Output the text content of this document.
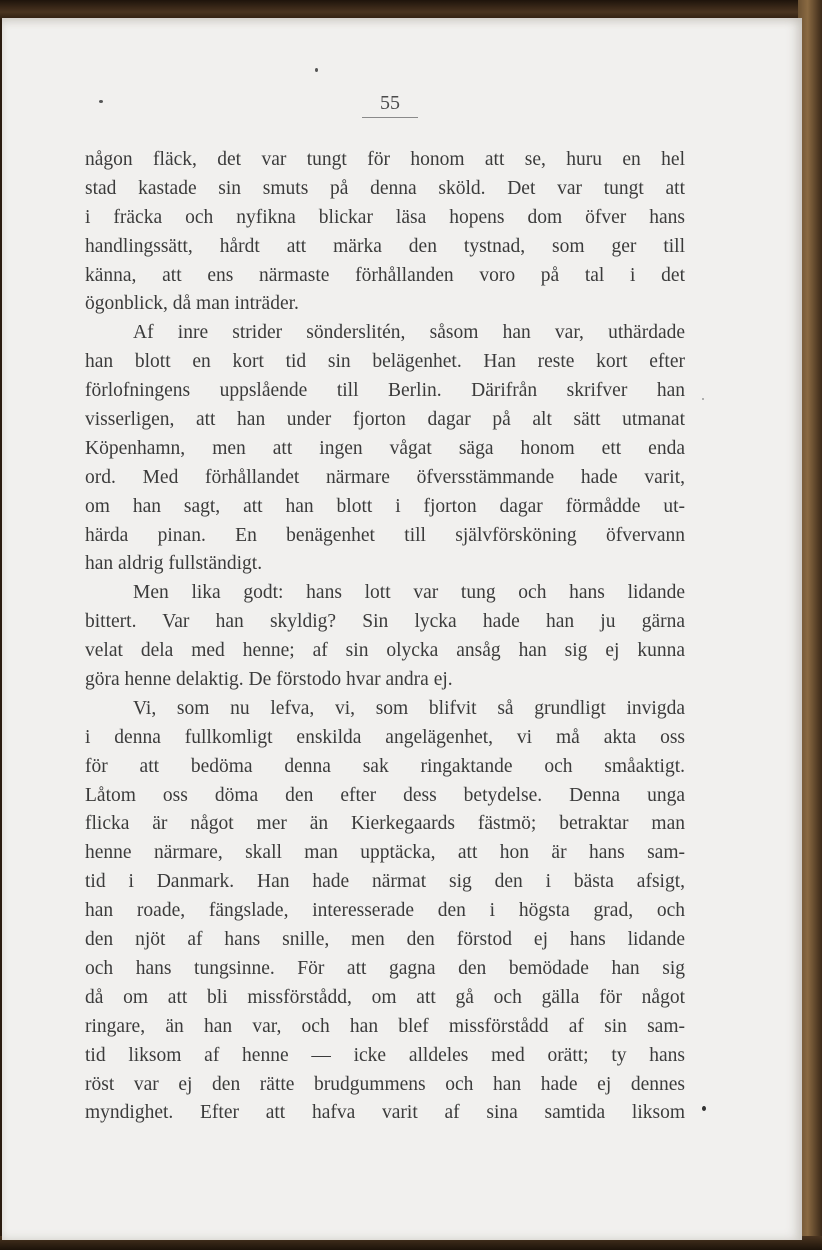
55
någon fläck, det var tungt för honom att se, huru en hel
stad kastade sin smuts på denna sköld. Det var tungt att
i fräcka och nyfikna blickar läsa hopens dom öfver hans
handlingssätt, hårdt att märka den tystnad, som ger till
känna, att ens närmaste förhållanden voro på tal i det
ögonblick, då man inträder.
Af inre strider sönderslitén, såsom han var, uthärdade
han blott en kort tid sin belägenhet. Han reste kort efter
förlofningens uppslående till Berlin. Därifrån skrifver han
visserligen, att han under fjorton dagar på alt sätt utmanat
Köpenhamn, men att ingen vågat säga honom ett enda
ord. Med förhållandet närmare öfversstämmande hade varit,
om han sagt, att han blott i fjorton dagar förmådde ut-
härda pinan. En benägenhet till självförsköning öfvervann
han aldrig fullständigt.
Men lika godt: hans lott var tung och hans lidande
bittert. Var han skyldig? Sin lycka hade han ju gärna
velat dela med henne; af sin olycka ansåg han sig ej kunna
göra henne delaktig. De förstodo hvar andra ej.
Vi, som nu lefva, vi, som blifvit så grundligt invigda
i denna fullkomligt enskilda angelägenhet, vi må akta oss
för att bedöma denna sak ringaktande och småaktigt.
Låtom oss döma den efter dess betydelse. Denna unga
flicka är något mer än Kierkegaards fästmö; betraktar man
henne närmare, skall man upptäcka, att hon är hans sam-
tid i Danmark. Han hade närmat sig den i bästa afsigt,
han roade, fängslade, interesserade den i högsta grad, och
den njöt af hans snille, men den förstod ej hans lidande
och hans tungsinne. För att gagna den bemödade han sig
då om att bli missförstådd, om att gå och gälla för något
ringare, än han var, och han blef missförstådd af sin sam-
tid liksom af henne — icke alldeles med orätt; ty hans
röst var ej den rätte brudgummens och han hade ej dennes
myndighet. Efter att hafva varit af sina samtida liksom
